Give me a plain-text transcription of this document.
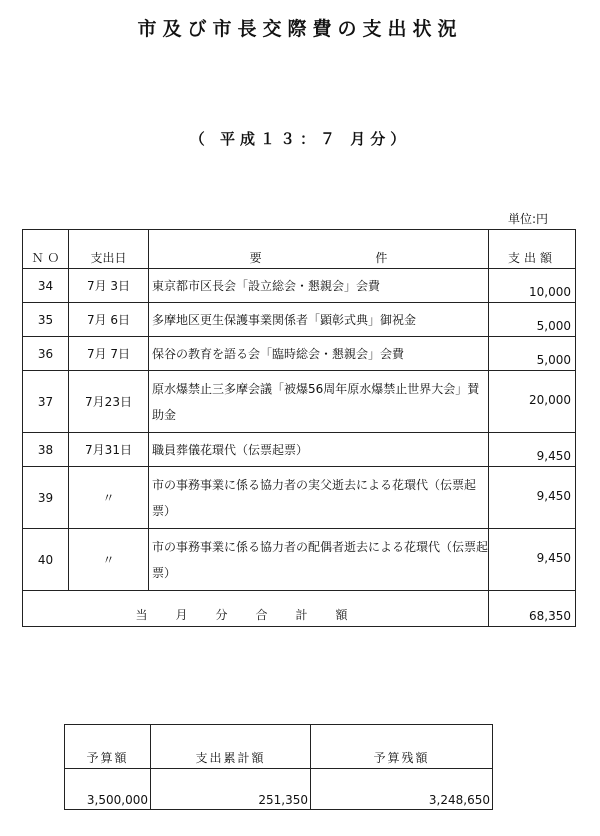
市及び市長交際費の支出状況
（ 平成１３：７ 月分）
単位:円
Ｎ Ｏ	支出日	要 件	支出額
34	7月 3日	東京都市区長会「設立総会・懇親会」会費	10,000
35	7月 6日	多摩地区更生保護事業関係者「顕彰式典」御祝金	5,000
36	7月 7日	保谷の教育を語る会「臨時総会・懇親会」会費	5,000
37	7月23日	原水爆禁止三多摩会議「被爆56周年原水爆禁止世界大会」賛助金	20,000
38	7月31日	職員葬儀花環代（伝票起票）	9,450
39	〃	市の事務事業に係る協力者の実父逝去による花環代（伝票起票）	9,450
40	〃	市の事務事業に係る協力者の配偶者逝去による花環代（伝票起票）	9,450
当月分合計額			68,350
予算額	支出累計額	予算残額
3,500,000	251,350	3,248,650
